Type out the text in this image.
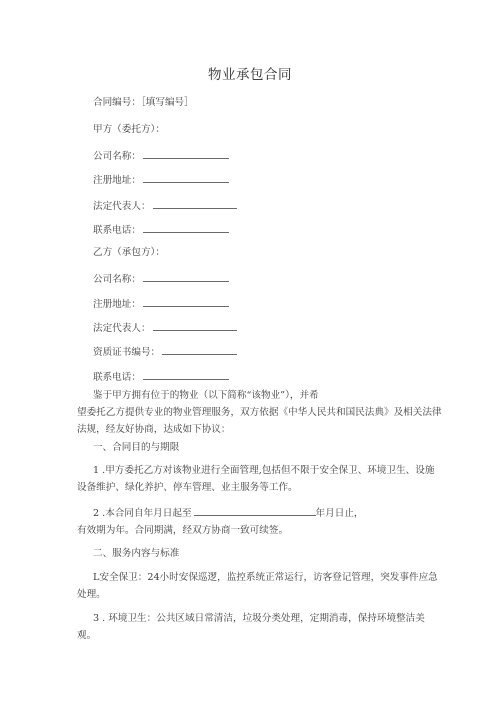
物业承包合同
合同编号：［填写编号］
甲方（委托方）：
公司名称：
注册地址：
法定代表人：
联系电话：
乙方（承包方）：
公司名称：
注册地址：
法定代表人：
资质证书编号：
联系电话：
鉴于甲方拥有位于的物业（以下简称“该物业”），并希
望委托乙方提供专业的物业管理服务，双方依据《中华人民共和国民法典》及相关法律
法规，经友好协商，达成如下协议：
一、合同目的与期限
1 .甲方委托乙方对该物业进行全面管理,包括但不限于安全保卫、环境卫生、设施
设备维护、绿化养护、停车管理、业主服务等工作。
2 .本合同自年月日起至	年月日止，
有效期为年。合同期满，经双方协商一致可续签。
二、服务内容与标准
L安全保卫：24小时安保巡逻，监控系统正常运行，访客登记管理，突发事件应急
处理。
3 . 环境卫生：公共区域日常清洁，垃圾分类处理，定期消毒，保持环境整洁美
观。
